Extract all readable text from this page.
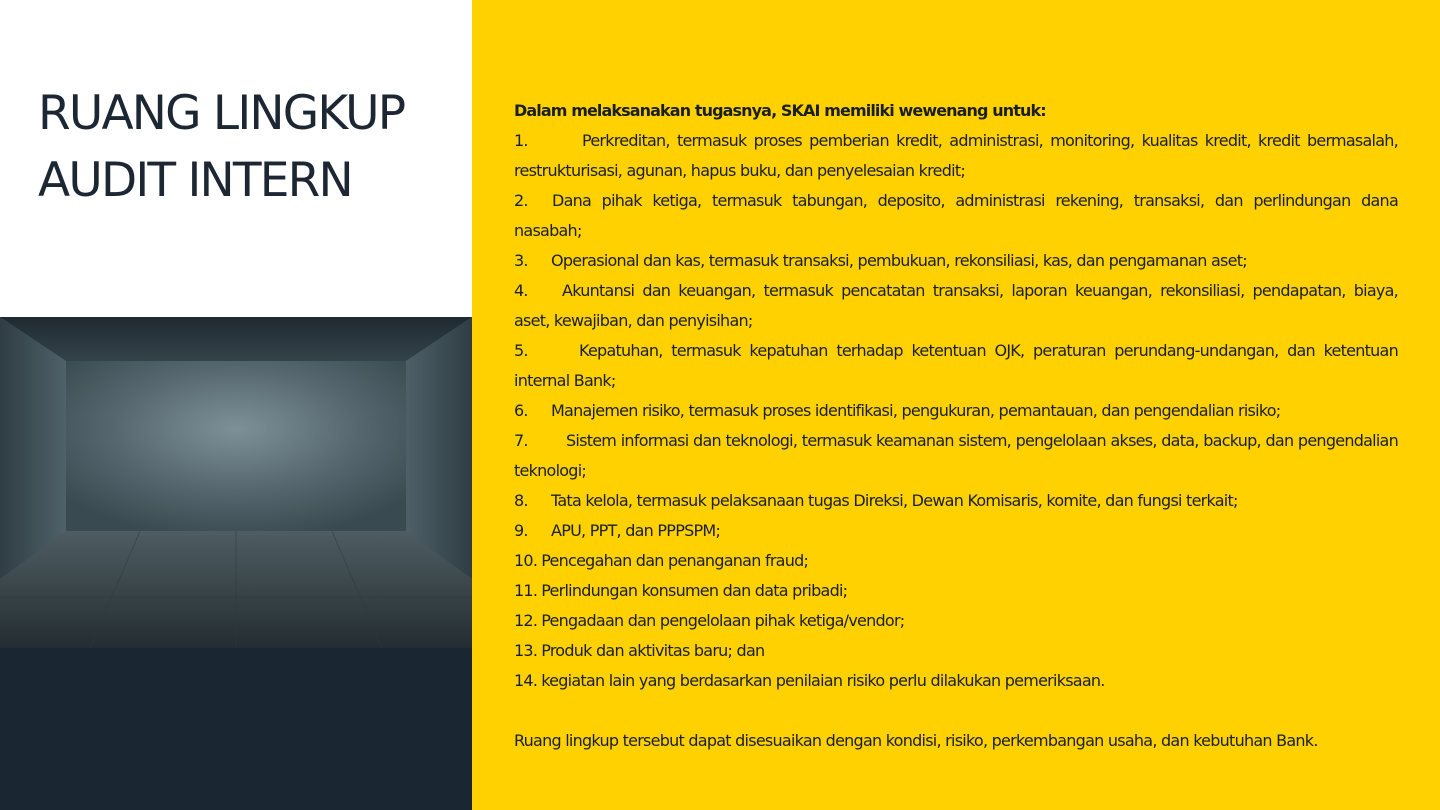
RUANG LINGKUP
AUDIT INTERN
Dalam melaksanakan tugasnya, SKAI memiliki wewenang untuk:
1.	Perkreditan, termasuk proses pemberian kredit, administrasi, monitoring, kualitas kredit, kredit bermasalah, restrukturisasi, agunan, hapus buku, dan penyelesaian kredit;
2. Dana pihak ketiga, termasuk tabungan, deposito, administrasi rekening, transaksi, dan perlindungan dana nasabah;
3. Operasional dan kas, termasuk transaksi, pembukuan, rekonsiliasi, kas, dan pengamanan aset;
4. Akuntansi dan keuangan, termasuk pencatatan transaksi, laporan keuangan, rekonsiliasi, pendapatan, biaya, aset, kewajiban, dan penyisihan;
5.	Kepatuhan, termasuk kepatuhan terhadap ketentuan OJK, peraturan perundang-undangan, dan ketentuan internal Bank;
6. Manajemen risiko, termasuk proses identifikasi, pengukuran, pemantauan, dan pengendalian risiko;
7. Sistem informasi dan teknologi, termasuk keamanan sistem, pengelolaan akses, data, backup, dan pengendalian teknologi;
8. Tata kelola, termasuk pelaksanaan tugas Direksi, Dewan Komisaris, komite, dan fungsi terkait;
9. APU, PPT, dan PPPSPM;
10. Pencegahan dan penanganan fraud;
11. Perlindungan konsumen dan data pribadi;
12. Pengadaan dan pengelolaan pihak ketiga/vendor;
13. Produk dan aktivitas baru; dan
14. kegiatan lain yang berdasarkan penilaian risiko perlu dilakukan pemeriksaan.
Ruang lingkup tersebut dapat disesuaikan dengan kondisi, risiko, perkembangan usaha, dan kebutuhan Bank.
